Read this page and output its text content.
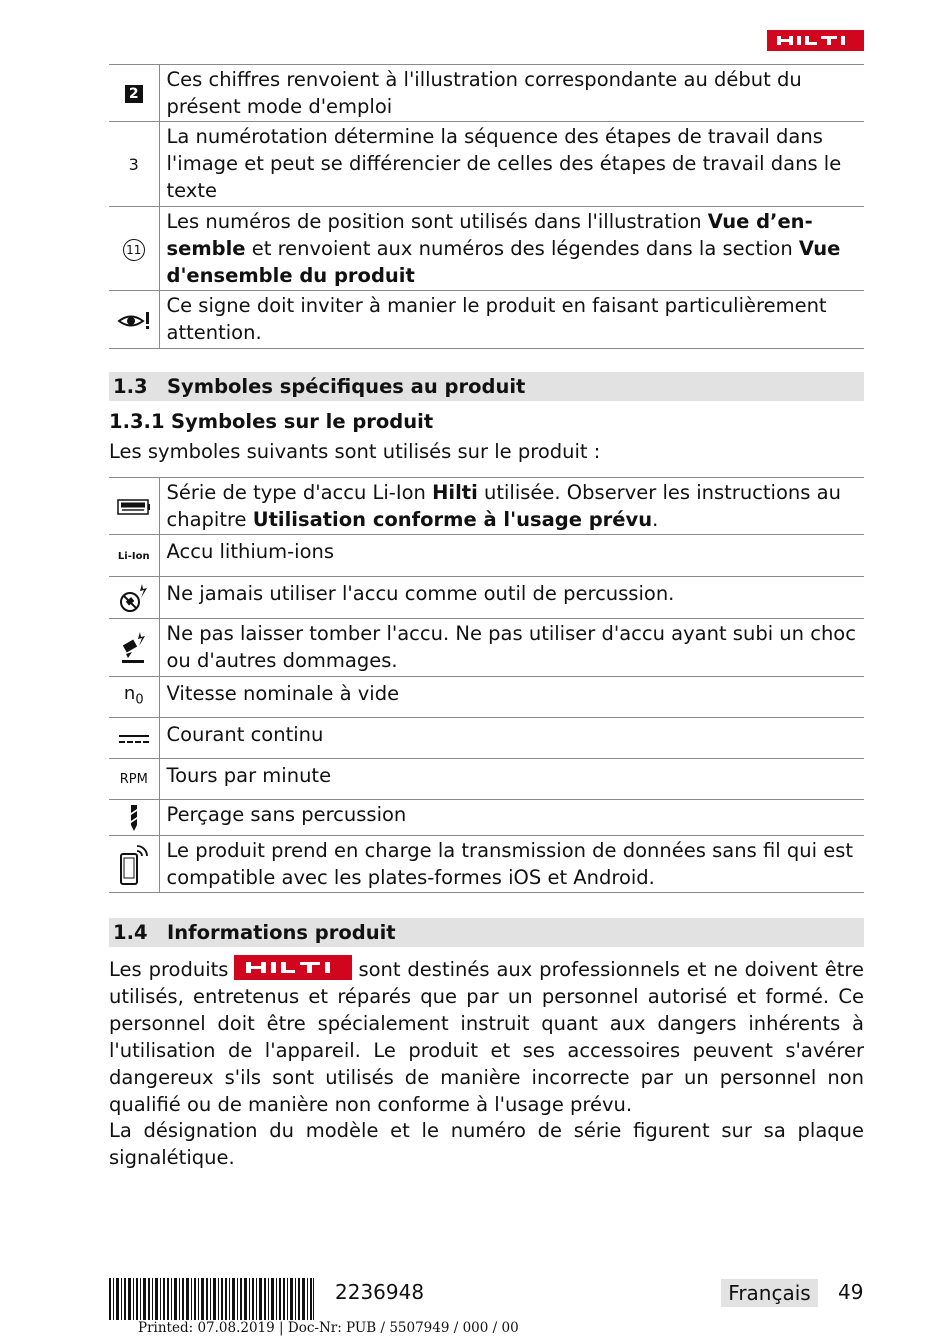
2	Ces chiffres renvoient à l'illustration correspondante au début du présent mode d'emploi
3	La numérotation détermine la séquence des étapes de travail dans l'image et peut se différencier de celles des étapes de travail dans le texte
11	Les numéros de position sont utilisés dans l'illustration Vue d’en-semble et renvoient aux numéros des légendes dans la section Vue d'ensemble du produit
	Ce signe doit inviter à manier le produit en faisant particulièrement attention.
1.3 Symboles spécifiques au produit
1.3.1 Symboles sur le produit
Les symboles suivants sont utilisés sur le produit :
	Série de type d'accu Li-Ion Hilti utilisée. Observer les instructions au chapitre Utilisation conforme à l'usage prévu.
Li-Ion	Accu lithium-ions
	Ne jamais utiliser l'accu comme outil de percussion.
	Ne pas laisser tomber l'accu. Ne pas utiliser d'accu ayant subi un choc ou d'autres dommages.
$n_0$	Vitesse nominale à vide
	Courant continu
RPM	Tours par minute
	Perçage sans percussion
	Le produit prend en charge la transmission de données sans fil qui est compatible avec les plates-formes iOS et Android.
1.4 Informations produit
Les produits	sont destinés aux professionnels et ne doivent être utilisés, entretenus et réparés que par un personnel autorisé et formé. Ce personnel doit être spécialement instruit quant aux dangers inhérents à l'utilisation de l'appareil. Le produit et ses accessoires peuvent s'avérer dangereux s'ils sont utilisés de manière incorrecte par un personnel non qualifié ou de manière non conforme à l'usage prévu.
La désignation du modèle et le numéro de série figurent sur sa plaque signalétique.
2236948
Printed: 07.08.2019 | Doc-Nr: PUB / 5507949 / 000 / 00
Français	49
